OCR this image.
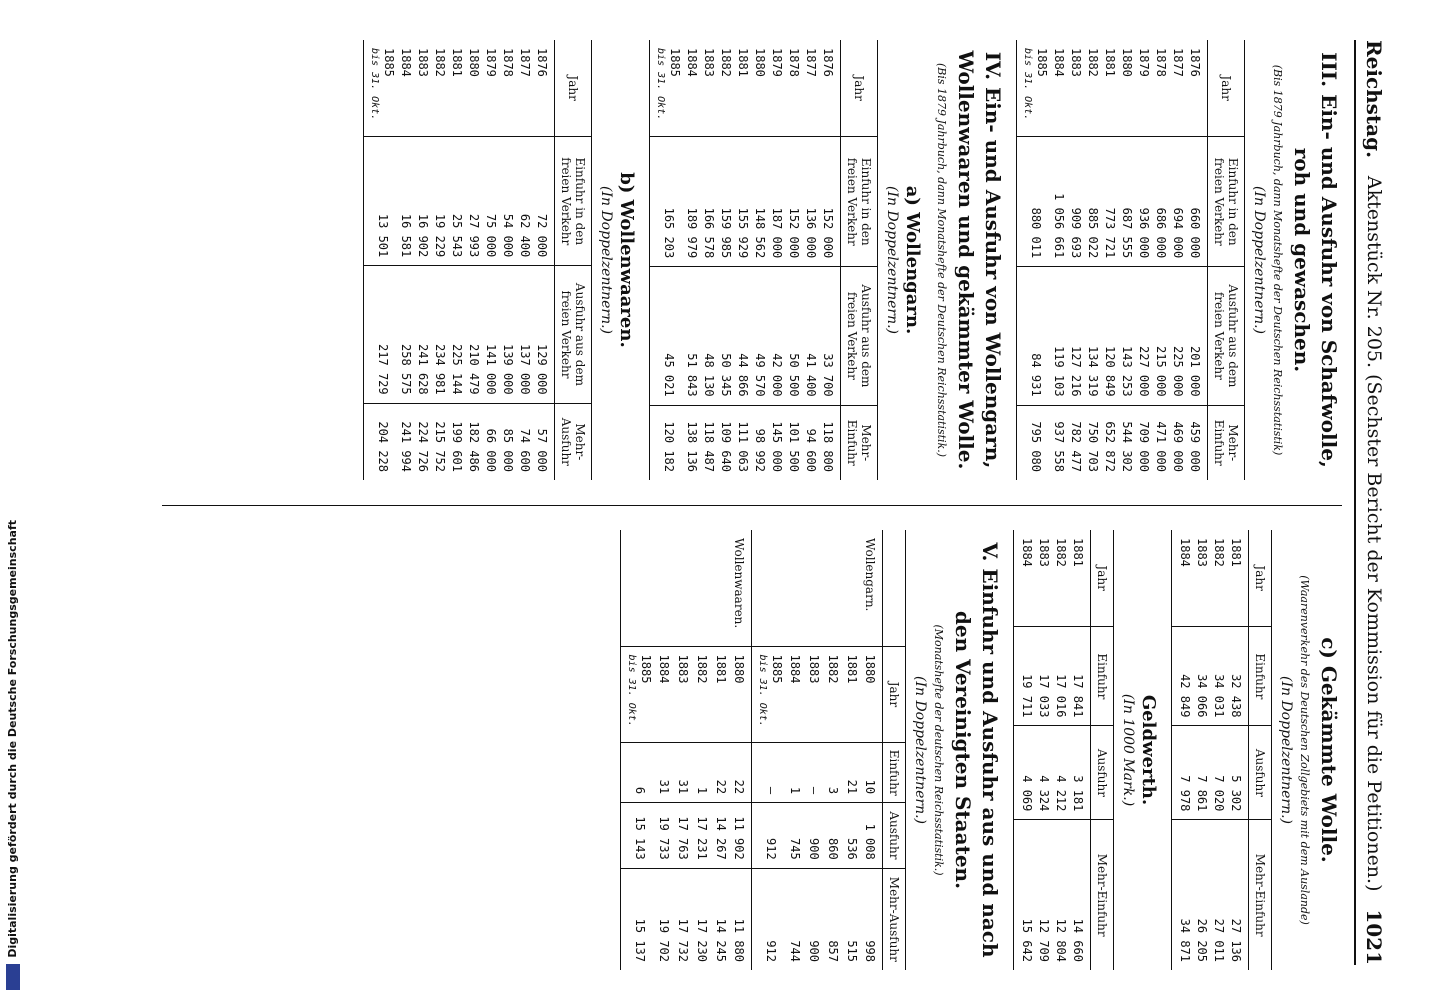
Reichstag.
Aktenstück Nr. 205. (Sechster Bericht der Kommission für die Petitionen.)
1021
III. Ein- und Ausfuhr von Schafwolle, roh und gewaschen.
(Bis 1879 Jahrbuch, dann Monatshefte der Deutschen Reichsstatistik)
(In Doppelzentnern.)
Jahr	Einfuhr in den freien Verkehr	Ausfuhr aus dem freien Verkehr	Mehr-Einfuhr

1876	660 000	201 000	459 000

1877	694 000	225 000	469 000

1878	686 000	215 000	471 000

1879	936 000	227 000	709 000

1880	687 555	143 253	544 302

1881	773 721	120 849	652 872

1882	885 022	134 319	750 703

1883	909 693	127 216	782 477

1884	1 056 661	119 103	937 558

1885
bis 31. Okt.	880 011	84 931	795 080
IV. Ein- und Ausfuhr von Wollengarn, Wollenwaaren und gekämmter Wolle.
(Bis 1879 Jahrbuch, dann Monatshefte der Deutschen Reichsstatistik.)
a) Wollengarn.
(In Doppelzentnern.)
Jahr	Einfuhr in den freien Verkehr	Ausfuhr aus dem freien Verkehr	Mehr-Einfuhr

1876	152 000	33 700	118 800

1877	136 000	41 400	94 600

1878	152 000	50 500	101 500

1879	187 000	42 000	145 000

1880	148 562	49 570	98 992

1881	155 929	44 866	111 063

1882	159 985	50 345	109 640

1883	166 578	48 130	118 487

1884	189 979	51 843	138 136

1885
bis 31. Okt.	165 203	45 021	120 182
b) Wollenwaaren.
(In Doppelzentnern.)
Jahr	Einfuhr in den freien Verkehr	Ausfuhr aus dem freien Verkehr	Mehr-Ausfuhr

1876	72 000	129 000	57 000

1877	62 400	137 000	74 600

1878	54 000	139 000	85 000

1879	75 000	141 000	66 000

1880	27 993	210 479	182 486

1881	25 543	225 144	199 601

1882	19 229	234 981	215 752

1883	16 902	241 628	224 726

1884	16 581	258 575	241 994

1885
bis 31. Okt.	13 501	217 729	204 228
c) Gekämmte Wolle.
(Waarenverkehr des Deutschen Zollgebiets mit dem Auslande)
(In Doppelzentnern.)
Jahr	Einfuhr	Ausfuhr	Mehr-Einfuhr

1881	32 438	5 302	27 136

1882	34 031	7 020	27 011

1883	34 066	7 861	26 205

1884	42 849	7 978	34 871
Geldwerth.
(In 1000 Mark.)
Jahr	Einfuhr	Ausfuhr	Mehr-Einfuhr

1881	17 841	3 181	14 660

1882	17 016	4 212	12 804

1883	17 033	4 324	12 709

1884	19 711	4 069	15 642
V. Einfuhr und Ausfuhr aus und nach den Vereinigten Staaten.
(Monatshefte der deutschen Reichsstatistik.)
(In Doppelzentnern.)
	Jahr	Einfuhr	Ausfuhr	Mehr-Ausfuhr
Wollengarn.	1880	10	1 008	998

	1881	21	536	515

	1882	3	860	857

	1883	—	900	900

	1884	1	745	744

	1885
bis 31. Okt.	—	912	912
Wollenwaaren.	1880	22	11 902	11 880

	1881	22	14 267	14 245

	1882	1	17 231	17 230

	1883	31	17 763	17 732

	1884	31	19 733	19 702

	1885
bis 31. Okt.	6	15 143	15 137
Digitalisierung gefördert durch die Deutsche Forschungsgemeinschaft
